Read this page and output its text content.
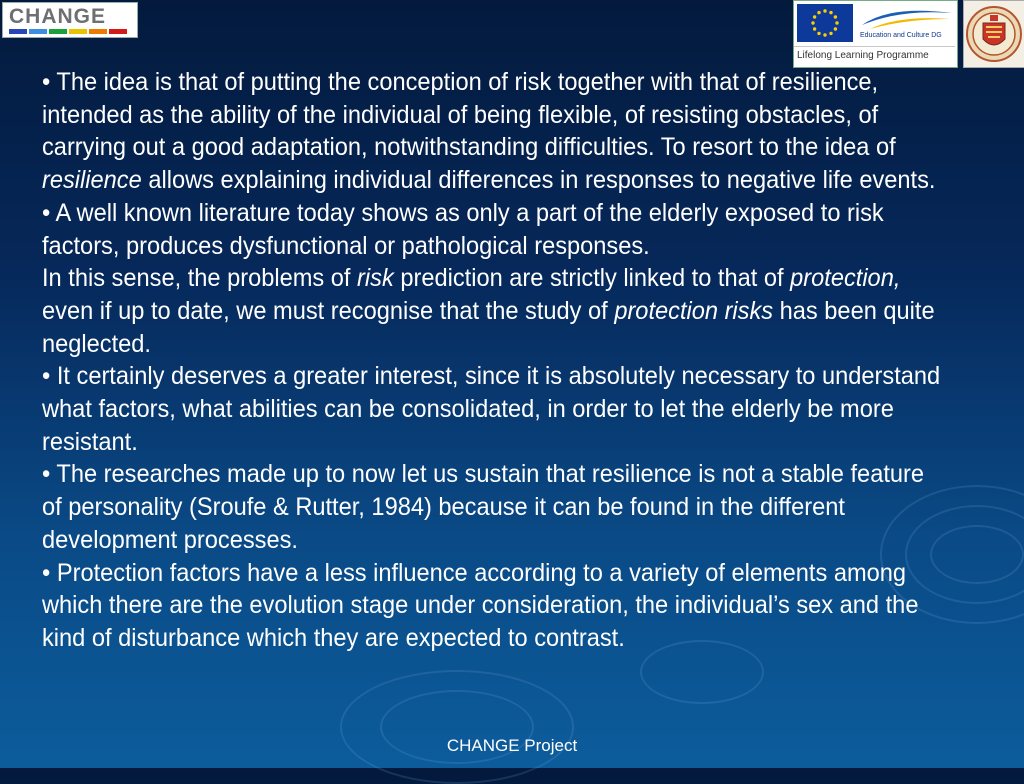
CHANGE
Education and Culture DG
Lifelong Learning Programme

• The idea is that of putting the conception of risk together with that of resilience, intended as the ability of the individual of being flexible, of resisting obstacles, of carrying out a good adaptation, notwithstanding difficulties. To resort to the idea of resilience allows explaining individual differences in responses to negative life events.

• A well known literature today shows as only a part of the elderly exposed to risk factors, produces dysfunctional or pathological responses.

In this sense, the problems of risk prediction are strictly linked to that of protection, even if up to date, we must recognise that the study of protection risks has been quite neglected.

• It certainly deserves a greater interest, since it is absolutely necessary to understand what factors, what abilities can be consolidated, in order to let the elderly be more resistant.

• The researches made up to now let us sustain that resilience is not a stable feature of personality (Sroufe & Rutter, 1984) because it can be found in the different development processes.

• Protection factors have a less influence according to a variety of elements among which there are the evolution stage under consideration, the individual’s sex and the kind of disturbance which they are expected to contrast.

CHANGE Project
